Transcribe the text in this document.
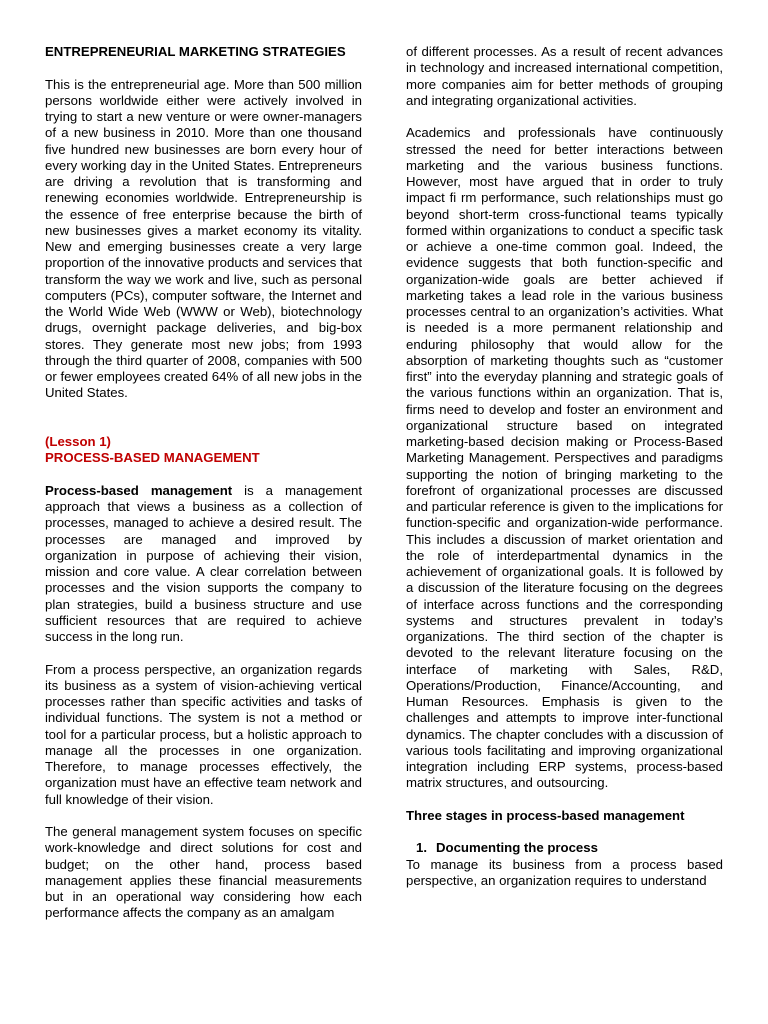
ENTREPRENEURIAL MARKETING STRATEGIES

This is the entrepreneurial age. More than 500 million persons worldwide either were actively involved in trying to start a new venture or were owner-managers of a new business in 2010. More than one thousand five hundred new businesses are born every hour of every working day in the United States. Entrepreneurs are driving a revolution that is transforming and renewing economies worldwide. Entrepreneurship is the essence of free enterprise because the birth of new businesses gives a market economy its vitality. New and emerging businesses create a very large proportion of the innovative products and services that transform the way we work and live, such as personal computers (PCs), computer software, the Internet and the World Wide Web (WWW or Web), biotechnology drugs, overnight package deliveries, and big-box stores. They generate most new jobs; from 1993 through the third quarter of 2008, companies with 500 or fewer employees created 64% of all new jobs in the United States.

(Lesson 1)

PROCESS-BASED MANAGEMENT

Process-based management is a management approach that views a business as a collection of processes, managed to achieve a desired result. The processes are managed and improved by organization in purpose of achieving their vision, mission and core value. A clear correlation between processes and the vision supports the company to plan strategies, build a business structure and use sufficient resources that are required to achieve success in the long run.

From a process perspective, an organization regards its business as a system of vision-achieving vertical processes rather than specific activities and tasks of individual functions. The system is not a method or tool for a particular process, but a holistic approach to manage all the processes in one organization. Therefore, to manage processes effectively, the organization must have an effective team network and full knowledge of their vision.

The general management system focuses on specific work-knowledge and direct solutions for cost and budget; on the other hand, process based management applies these financial measurements but in an operational way considering how each performance affects the company as an amalgam

of different processes. As a result of recent advances in technology and increased international competition, more companies aim for better methods of grouping and integrating organizational activities.

Academics and professionals have continuously stressed the need for better interactions between marketing and the various business functions. However, most have argued that in order to truly impact fi rm performance, such relationships must go beyond short-term cross-functional teams typically formed within organizations to conduct a specific task or achieve a one-time common goal. Indeed, the evidence suggests that both function-specific and organization-wide goals are better achieved if marketing takes a lead role in the various business processes central to an organization’s activities. What is needed is a more permanent relationship and enduring philosophy that would allow for the absorption of marketing thoughts such as “customer first” into the everyday planning and strategic goals of the various functions within an organization. That is, firms need to develop and foster an environment and organizational structure based on integrated marketing-based decision making or Process-Based Marketing Management. Perspectives and paradigms supporting the notion of bringing marketing to the forefront of organizational processes are discussed and particular reference is given to the implications for function-specific and organization-wide performance. This includes a discussion of market orientation and the role of interdepartmental dynamics in the achievement of organizational goals. It is followed by a discussion of the literature focusing on the degrees of interface across functions and the corresponding systems and structures prevalent in today’s organizations. The third section of the chapter is devoted to the relevant literature focusing on the interface of marketing with Sales, R&D, Operations/Production, Finance/Accounting, and Human Resources. Emphasis is given to the challenges and attempts to improve inter-functional dynamics. The chapter concludes with a discussion of various tools facilitating and improving organizational integration including ERP systems, process-based matrix structures, and outsourcing.

Three stages in process-based management
1. Documenting the process

To manage its business from a process based perspective, an organization requires to understand
